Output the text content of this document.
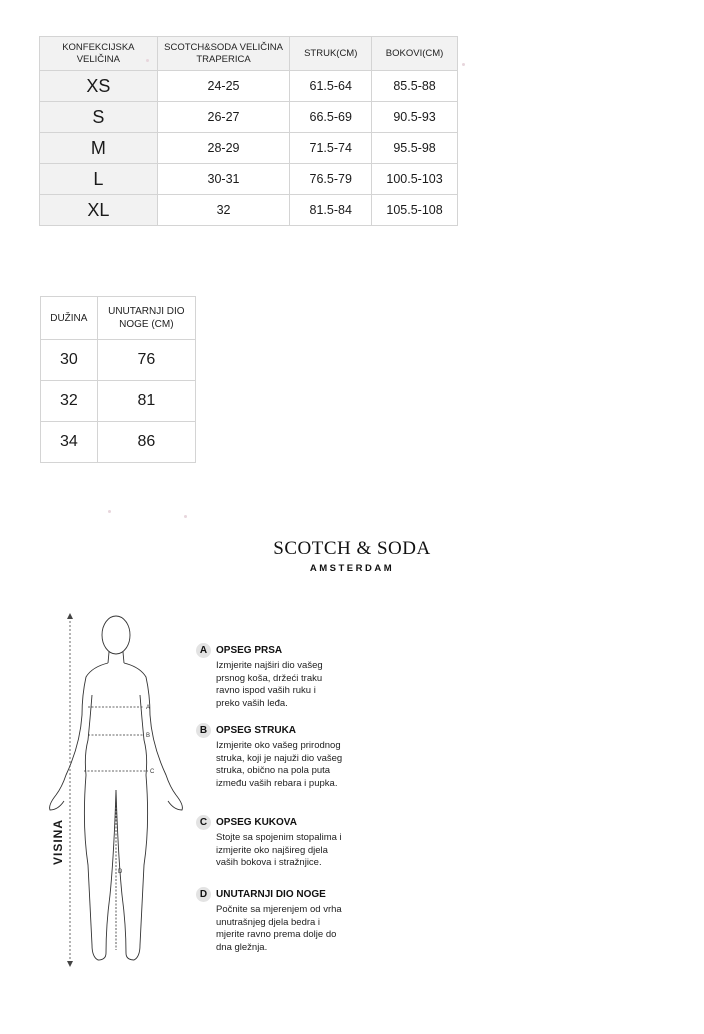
KONFEKCIJSKA VELIČINA	SCOTCH&SODA VELIČINA TRAPERICA	STRUK(CM)	BOKOVI(CM)
XS	24-25	61.5-64	85.5-88
S	26-27	66.5-69	90.5-93
M	28-29	71.5-74	95.5-98
L	30-31	76.5-79	100.5-103
XL	32	81.5-84	105.5-108
DUŽINA	UNUTARNJI DIO NOGE (CM)
30	76
32	81
34	86
SCOTCH & SODA
AMSTERDAM
A
B
C
D
VISINA
A OPSEG PRSA
Izmjerite najširi dio vašeg prsnog koša, držeći traku ravno ispod vaših ruku i preko vaših leđa.
B OPSEG STRUKA
Izmjerite oko vašeg prirodnog struka, koji je najuži dio vašeg struka, obično na pola puta između vaših rebara i pupka.
C OPSEG KUKOVA
Stojte sa spojenim stopalima i izmjerite oko najšireg djela vaših bokova i stražnjice.
D UNUTARNJI DIO NOGE
Počnite sa mjerenjem od vrha unutrašnjeg djela bedra i mjerite ravno prema dolje do dna gležnja.
